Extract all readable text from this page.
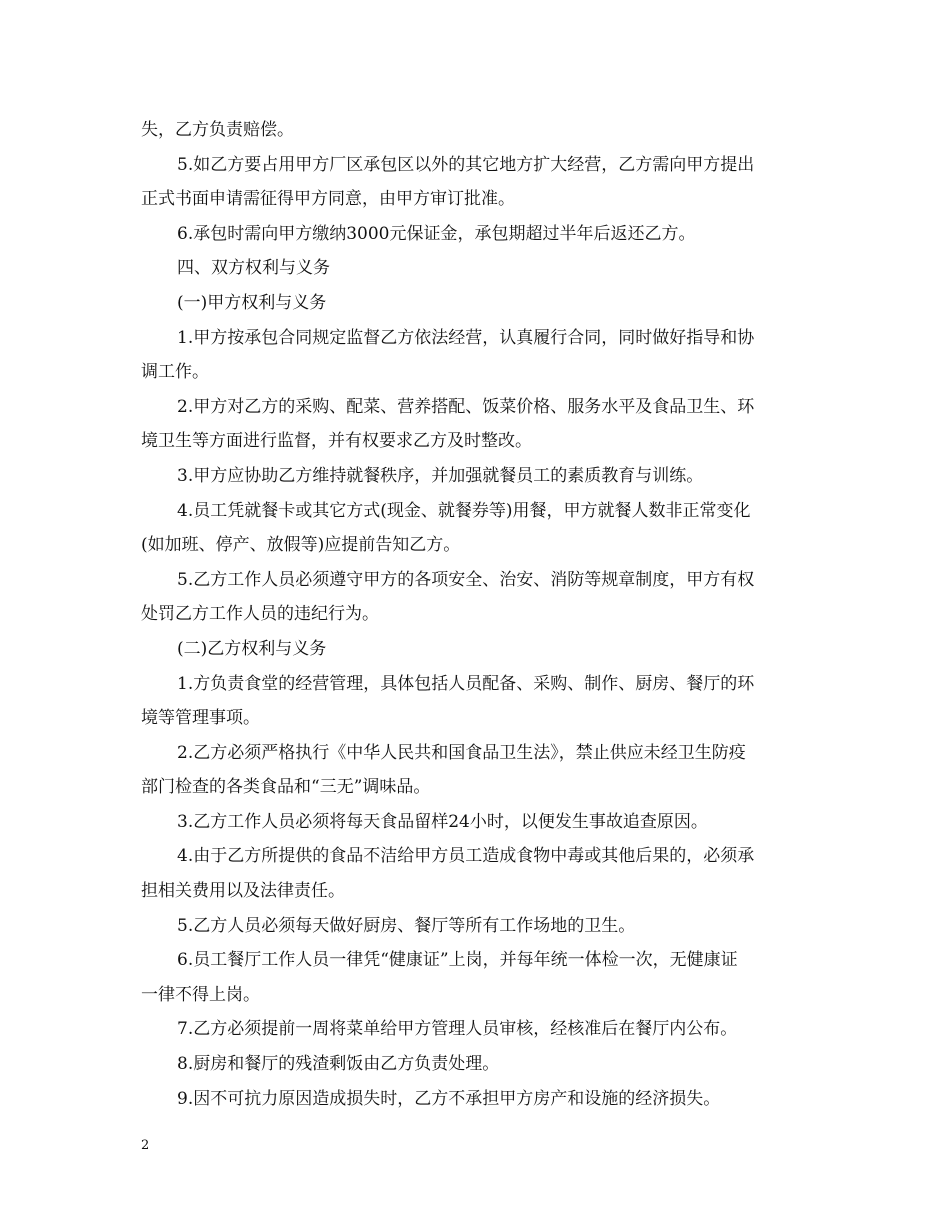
失，乙方负责赔偿。
5.如乙方要占用甲方厂区承包区以外的其它地方扩大经营，乙方需向甲方提出
正式书面申请需征得甲方同意，由甲方审订批准。
6.承包时需向甲方缴纳3000元保证金，承包期超过半年后返还乙方。
四、双方权利与义务
(一)甲方权利与义务
1.甲方按承包合同规定监督乙方依法经营，认真履行合同，同时做好指导和协
调工作。
2.甲方对乙方的采购、配菜、营养搭配、饭菜价格、服务水平及食品卫生、环
境卫生等方面进行监督，并有权要求乙方及时整改。
3.甲方应协助乙方维持就餐秩序，并加强就餐员工的素质教育与训练。
4.员工凭就餐卡或其它方式(现金、就餐券等)用餐，甲方就餐人数非正常变化
(如加班、停产、放假等)应提前告知乙方。
5.乙方工作人员必须遵守甲方的各项安全、治安、消防等规章制度，甲方有权
处罚乙方工作人员的违纪行为。
(二)乙方权利与义务
1.方负责食堂的经营管理，具体包括人员配备、采购、制作、厨房、餐厅的环
境等管理事项。
2.乙方必须严格执行《中华人民共和国食品卫生法》，禁止供应未经卫生防疫
部门检查的各类食品和“三无”调味品。
3.乙方工作人员必须将每天食品留样24小时，以便发生事故追查原因。
4.由于乙方所提供的食品不洁给甲方员工造成食物中毒或其他后果的，必须承
担相关费用以及法律责任。
5.乙方人员必须每天做好厨房、餐厅等所有工作场地的卫生。
6.员工餐厅工作人员一律凭“健康证”上岗，并每年统一体检一次，无健康证
一律不得上岗。
7.乙方必须提前一周将菜单给甲方管理人员审核，经核准后在餐厅内公布。
8.厨房和餐厅的残渣剩饭由乙方负责处理。
9.因不可抗力原因造成损失时，乙方不承担甲方房产和设施的经济损失。
2
